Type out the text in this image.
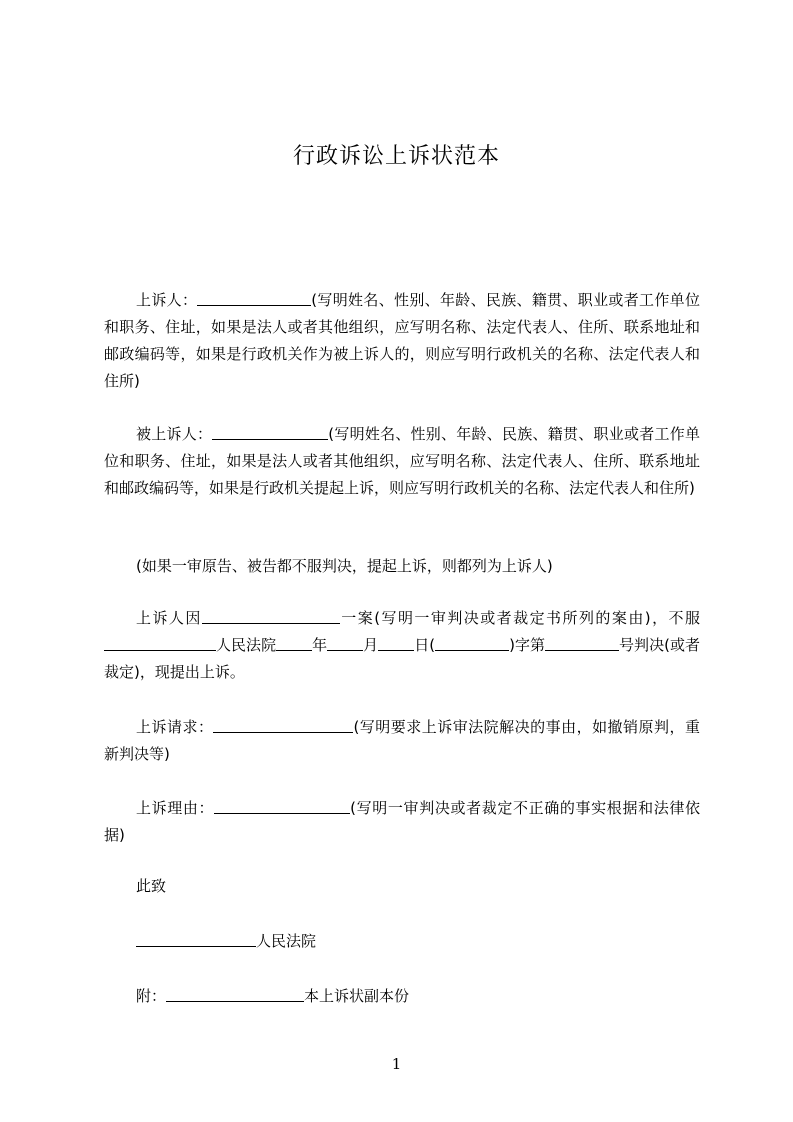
行政诉讼上诉状范本

上诉人：	(写明姓名、性别、年龄、民族、籍贯、职业或者工作单位和职务、住址，如果是法人或者其他组织，应写明名称、法定代表人、住所、联系地址和邮政编码等，如果是行政机关作为被上诉人的，则应写明行政机关的名称、法定代表人和住所)

被上诉人：	(写明姓名、性别、年龄、民族、籍贯、职业或者工作单位和职务、住址，如果是法人或者其他组织，应写明名称、法定代表人、住所、联系地址和邮政编码等，如果是行政机关提起上诉，则应写明行政机关的名称、法定代表人和住所)

(如果一审原告、被告都不服判决，提起上诉，则都列为上诉人)

上诉人因	一案(写明一审判决或者裁定书所列的案由)，不服人民法院 年 月 日(	)字第	号判决(或者裁定)，现提出上诉。

上诉请求：	(写明要求上诉审法院解决的事由，如撤销原判，重新判决等)

上诉理由：	(写明一审判决或者裁定不正确的事实根据和法律依据)

此致

人民法院

附：	本上诉状副本份

1
